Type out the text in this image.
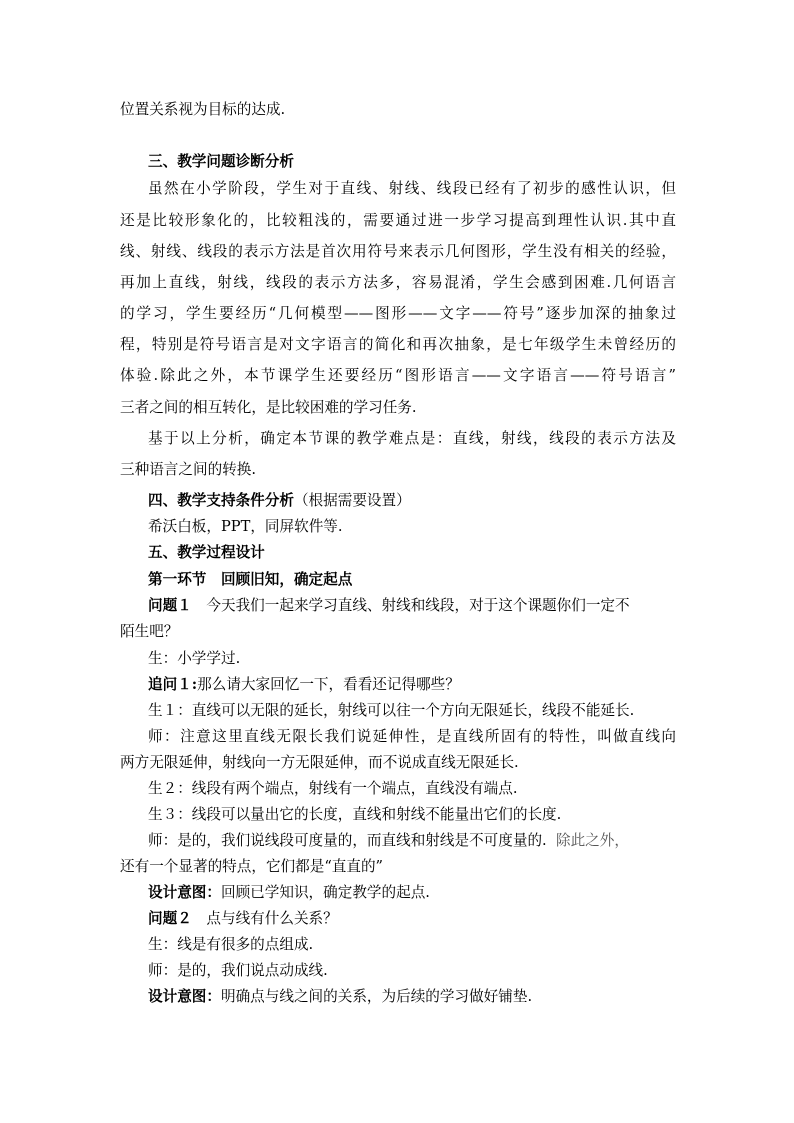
位置关系视为目标的达成.

三、教学问题诊断分析

虽然在小学阶段，学生对于直线、射线、线段已经有了初步的感性认识，但

还是比较形象化的，比较粗浅的，需要通过进一步学习提高到理性认识.其中直

线、射线、线段的表示方法是首次用符号来表示几何图形，学生没有相关的经验，

再加上直线，射线，线段的表示方法多，容易混淆，学生会感到困难.几何语言

的学习，学生要经历“几何模型——图形——文字——符号”逐步加深的抽象过

程，特别是符号语言是对文字语言的简化和再次抽象，是七年级学生未曾经历的

体验.除此之外，本节课学生还要经历“图形语言——文字语言——符号语言”

三者之间的相互转化，是比较困难的学习任务.

基于以上分析，确定本节课的教学难点是：直线，射线，线段的表示方法及

三种语言之间的转换.

四、教学支持条件分析（根据需要设置）

希沃白板，PPT，同屏软件等.

五、教学过程设计

第一环节　回顾旧知，确定起点

问题１　今天我们一起来学习直线、射线和线段，对于这个课题你们一定不

陌生吧？

生：小学学过.

追问１:那么请大家回忆一下，看看还记得哪些？

生１：直线可以无限的延长，射线可以往一个方向无限延长，线段不能延长.

师：注意这里直线无限长我们说延伸性，是直线所固有的特性，叫做直线向

两方无限延伸，射线向一方无限延伸，而不说成直线无限延长.

生２：线段有两个端点，射线有一个端点，直线没有端点.

生３：线段可以量出它的长度，直线和射线不能量出它们的长度.

师：是的，我们说线段可度量的，而直线和射线是不可度量的. 除此之外，

还有一个显著的特点，它们都是“直直的”

设计意图：回顾已学知识，确定教学的起点.

问题２　点与线有什么关系？

生：线是有很多的点组成.

师：是的，我们说点动成线.

设计意图：明确点与线之间的关系，为后续的学习做好铺垫.
